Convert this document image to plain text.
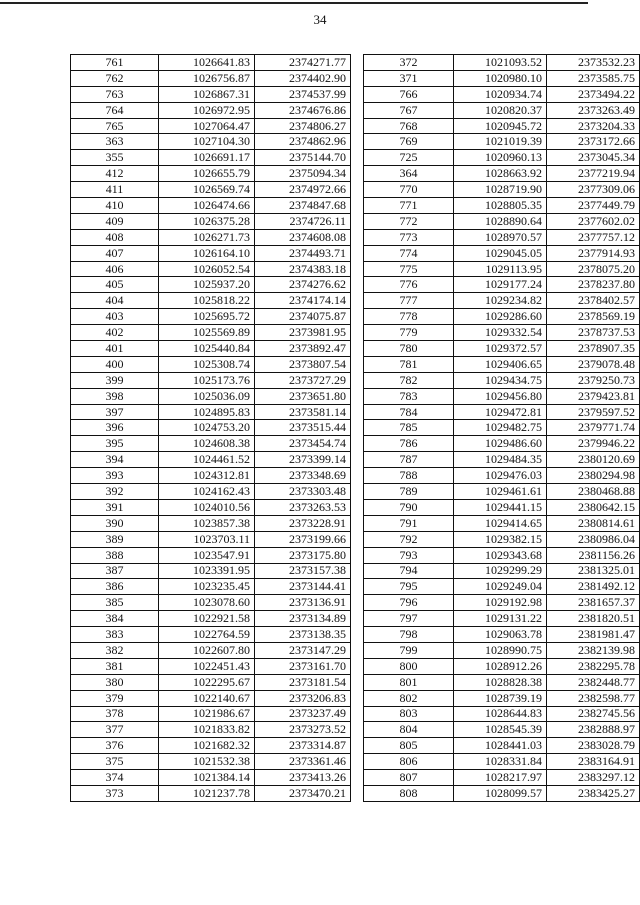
34
761	1026641.83	2374271.77
762	1026756.87	2374402.90
763	1026867.31	2374537.99
764	1026972.95	2374676.86
765	1027064.47	2374806.27
363	1027104.30	2374862.96
355	1026691.17	2375144.70
412	1026655.79	2375094.34
411	1026569.74	2374972.66
410	1026474.66	2374847.68
409	1026375.28	2374726.11
408	1026271.73	2374608.08
407	1026164.10	2374493.71
406	1026052.54	2374383.18
405	1025937.20	2374276.62
404	1025818.22	2374174.14
403	1025695.72	2374075.87
402	1025569.89	2373981.95
401	1025440.84	2373892.47
400	1025308.74	2373807.54
399	1025173.76	2373727.29
398	1025036.09	2373651.80
397	1024895.83	2373581.14
396	1024753.20	2373515.44
395	1024608.38	2373454.74
394	1024461.52	2373399.14
393	1024312.81	2373348.69
392	1024162.43	2373303.48
391	1024010.56	2373263.53
390	1023857.38	2373228.91
389	1023703.11	2373199.66
388	1023547.91	2373175.80
387	1023391.95	2373157.38
386	1023235.45	2373144.41
385	1023078.60	2373136.91
384	1022921.58	2373134.89
383	1022764.59	2373138.35
382	1022607.80	2373147.29
381	1022451.43	2373161.70
380	1022295.67	2373181.54
379	1022140.67	2373206.83
378	1021986.67	2373237.49
377	1021833.82	2373273.52
376	1021682.32	2373314.87
375	1021532.38	2373361.46
374	1021384.14	2373413.26
373	1021237.78	2373470.21
372	1021093.52	2373532.23
371	1020980.10	2373585.75
766	1020934.74	2373494.22
767	1020820.37	2373263.49
768	1020945.72	2373204.33
769	1021019.39	2373172.66
725	1020960.13	2373045.34
364	1028663.92	2377219.94
770	1028719.90	2377309.06
771	1028805.35	2377449.79
772	1028890.64	2377602.02
773	1028970.57	2377757.12
774	1029045.05	2377914.93
775	1029113.95	2378075.20
776	1029177.24	2378237.80
777	1029234.82	2378402.57
778	1029286.60	2378569.19
779	1029332.54	2378737.53
780	1029372.57	2378907.35
781	1029406.65	2379078.48
782	1029434.75	2379250.73
783	1029456.80	2379423.81
784	1029472.81	2379597.52
785	1029482.75	2379771.74
786	1029486.60	2379946.22
787	1029484.35	2380120.69
788	1029476.03	2380294.98
789	1029461.61	2380468.88
790	1029441.15	2380642.15
791	1029414.65	2380814.61
792	1029382.15	2380986.04
793	1029343.68	2381156.26
794	1029299.29	2381325.01
795	1029249.04	2381492.12
796	1029192.98	2381657.37
797	1029131.22	2381820.51
798	1029063.78	2381981.47
799	1028990.75	2382139.98
800	1028912.26	2382295.78
801	1028828.38	2382448.77
802	1028739.19	2382598.77
803	1028644.83	2382745.56
804	1028545.39	2382888.97
805	1028441.03	2383028.79
806	1028331.84	2383164.91
807	1028217.97	2383297.12
808	1028099.57	2383425.27
